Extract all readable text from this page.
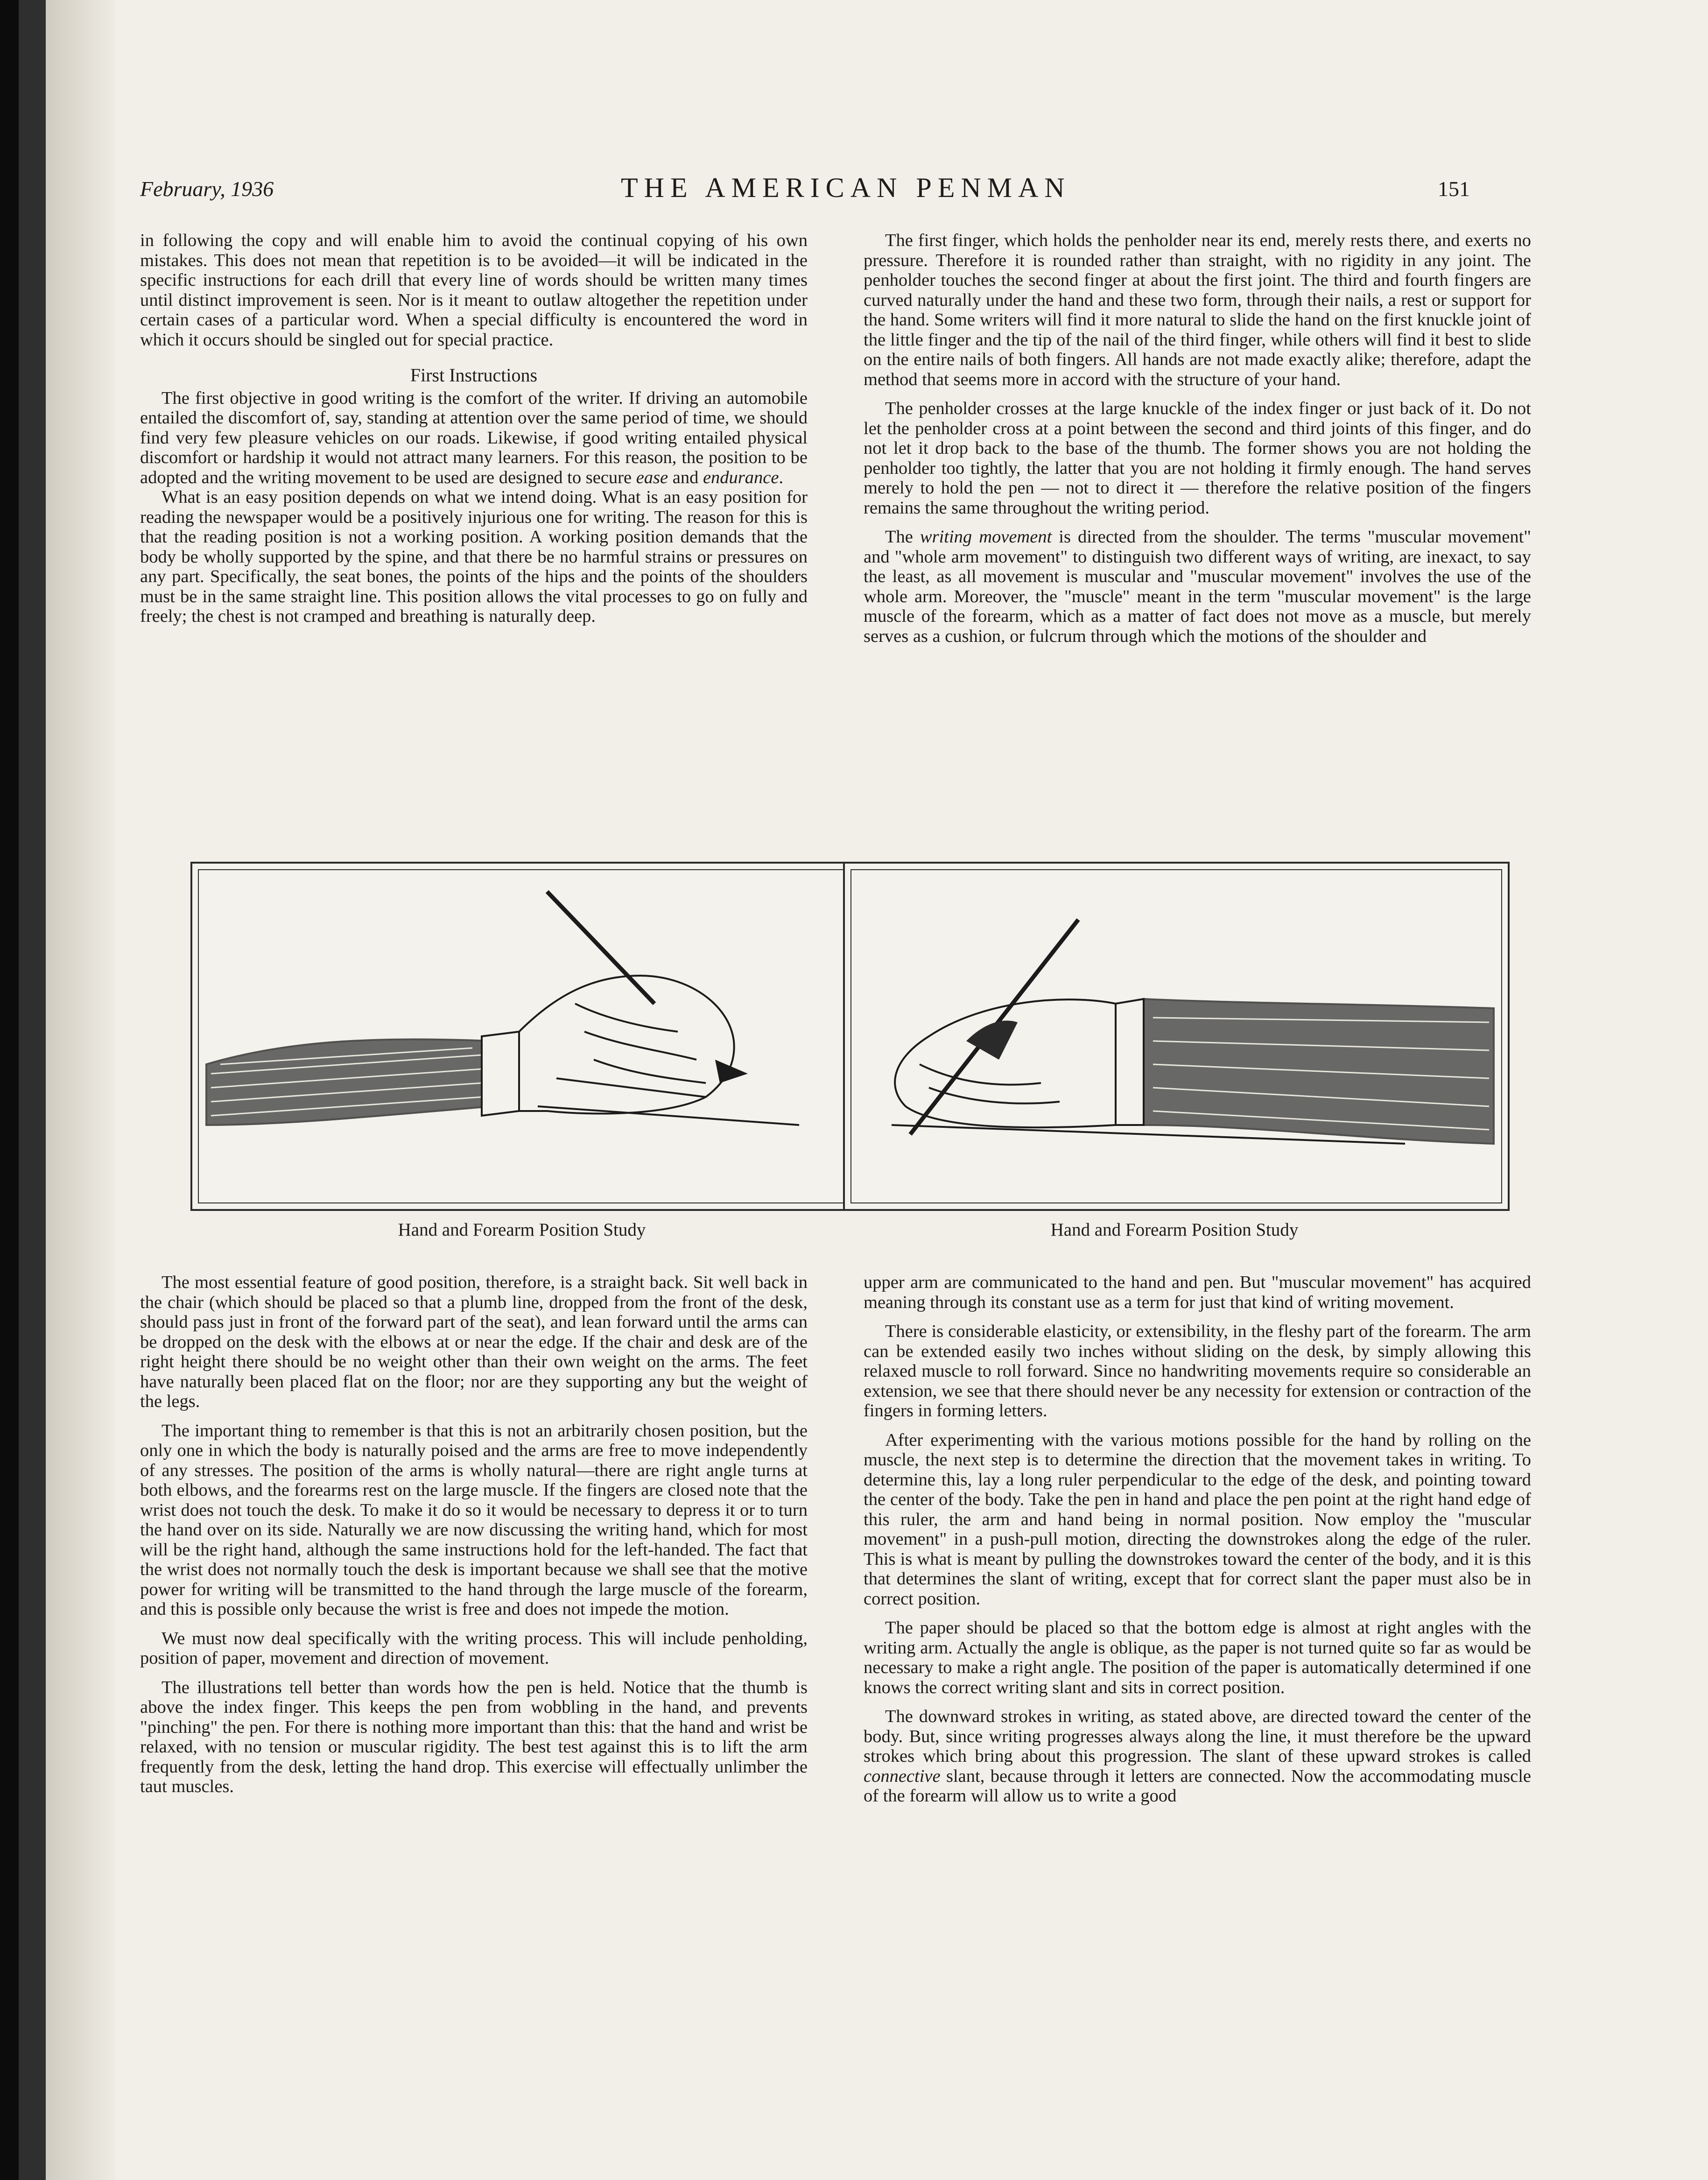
February, 1936	THE AMERICAN PENMAN	151

in following the copy and will enable him to avoid the continual copying of his own mistakes. This does not mean that repetition is to be avoided—it will be indicated in the specific instructions for each drill that every line of words should be written many times until distinct improvement is seen. Nor is it meant to outlaw altogether the repetition under certain cases of a particular word. When a special difficulty is encountered the word in which it occurs should be singled out for special practice.

First Instructions

The first objective in good writing is the comfort of the writer. If driving an automobile entailed the discomfort of, say, standing at attention over the same period of time, we should find very few pleasure vehicles on our roads. Likewise, if good writing entailed physical discomfort or hardship it would not attract many learners. For this reason, the position to be adopted and the writing movement to be used are designed to secure ease and endurance.

What is an easy position depends on what we intend doing. What is an easy position for reading the newspaper would be a positively injurious one for writing. The reason for this is that the reading position is not a working position. A working position demands that the body be wholly supported by the spine, and that there be no harmful strains or pressures on any part. Specifically, the seat bones, the points of the hips and the points of the shoulders must be in the same straight line. This position allows the vital processes to go on fully and freely; the chest is not cramped and breathing is naturally deep.

The first finger, which holds the penholder near its end, merely rests there, and exerts no pressure. Therefore it is rounded rather than straight, with no rigidity in any joint. The penholder touches the second finger at about the first joint. The third and fourth fingers are curved naturally under the hand and these two form, through their nails, a rest or support for the hand. Some writers will find it more natural to slide the hand on the first knuckle joint of the little finger and the tip of the nail of the third finger, while others will find it best to slide on the entire nails of both fingers. All hands are not made exactly alike; therefore, adapt the method that seems more in accord with the structure of your hand.

The penholder crosses at the large knuckle of the index finger or just back of it. Do not let the penholder cross at a point between the second and third joints of this finger, and do not let it drop back to the base of the thumb. The former shows you are not holding the penholder too tightly, the latter that you are not holding it firmly enough. The hand serves merely to hold the pen — not to direct it — therefore the relative position of the fingers remains the same throughout the writing period.

The writing movement is directed from the shoulder. The terms "muscular movement" and "whole arm movement" to distinguish two different ways of writing, are inexact, to say the least, as all movement is muscular and "muscular movement" involves the use of the whole arm. Moreover, the "muscle" meant in the term "muscular movement" is the large muscle of the forearm, which as a matter of fact does not move as a muscle, but merely serves as a cushion, or fulcrum through which the motions of the shoulder and

Hand and Forearm Position Study	Hand and Forearm Position Study

The most essential feature of good position, therefore, is a straight back. Sit well back in the chair (which should be placed so that a plumb line, dropped from the front of the desk, should pass just in front of the forward part of the seat), and lean forward until the arms can be dropped on the desk with the elbows at or near the edge. If the chair and desk are of the right height there should be no weight other than their own weight on the arms. The feet have naturally been placed flat on the floor; nor are they supporting any but the weight of the legs.

The important thing to remember is that this is not an arbitrarily chosen position, but the only one in which the body is naturally poised and the arms are free to move independently of any stresses. The position of the arms is wholly natural—there are right angle turns at both elbows, and the forearms rest on the large muscle. If the fingers are closed note that the wrist does not touch the desk. To make it do so it would be necessary to depress it or to turn the hand over on its side. Naturally we are now discussing the writing hand, which for most will be the right hand, although the same instructions hold for the left-handed. The fact that the wrist does not normally touch the desk is important because we shall see that the motive power for writing will be transmitted to the hand through the large muscle of the forearm, and this is possible only because the wrist is free and does not impede the motion.

We must now deal specifically with the writing process. This will include penholding, position of paper, movement and direction of movement.

The illustrations tell better than words how the pen is held. Notice that the thumb is above the index finger. This keeps the pen from wobbling in the hand, and prevents "pinching" the pen. For there is nothing more important than this: that the hand and wrist be relaxed, with no tension or muscular rigidity. The best test against this is to lift the arm frequently from the desk, letting the hand drop. This exercise will effectually unlimber the taut muscles.

upper arm are communicated to the hand and pen. But "muscular movement" has acquired meaning through its constant use as a term for just that kind of writing movement.

There is considerable elasticity, or extensibility, in the fleshy part of the forearm. The arm can be extended easily two inches without sliding on the desk, by simply allowing this relaxed muscle to roll forward. Since no handwriting movements require so considerable an extension, we see that there should never be any necessity for extension or contraction of the fingers in forming letters.

After experimenting with the various motions possible for the hand by rolling on the muscle, the next step is to determine the direction that the movement takes in writing. To determine this, lay a long ruler perpendicular to the edge of the desk, and pointing toward the center of the body. Take the pen in hand and place the pen point at the right hand edge of this ruler, the arm and hand being in normal position. Now employ the "muscular movement" in a push-pull motion, directing the downstrokes along the edge of the ruler. This is what is meant by pulling the downstrokes toward the center of the body, and it is this that determines the slant of writing, except that for correct slant the paper must also be in correct position.

The paper should be placed so that the bottom edge is almost at right angles with the writing arm. Actually the angle is oblique, as the paper is not turned quite so far as would be necessary to make a right angle. The position of the paper is automatically determined if one knows the correct writing slant and sits in correct position.

The downward strokes in writing, as stated above, are directed toward the center of the body. But, since writing progresses always along the line, it must therefore be the upward strokes which bring about this progression. The slant of these upward strokes is called connective slant, because through it letters are connected. Now the accommodating muscle of the forearm will allow us to write a good
